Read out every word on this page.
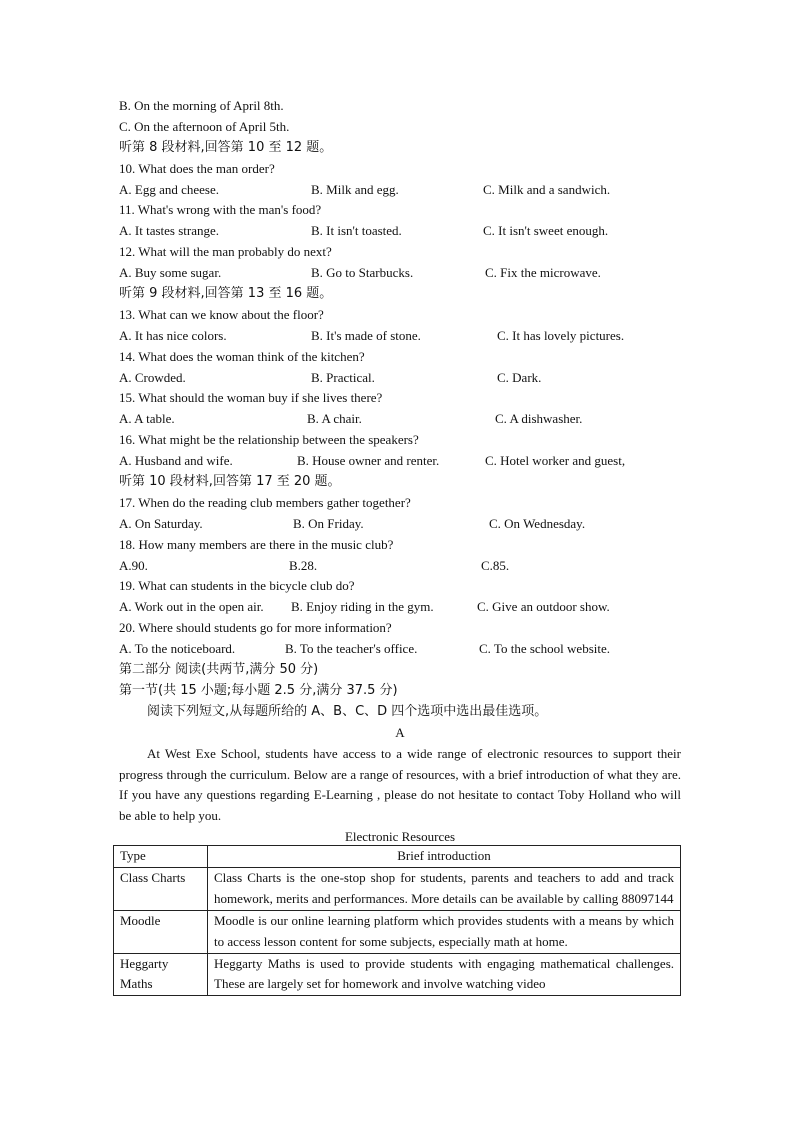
B. On the morning of April 8th.
C. On the afternoon of April 5th.
听第 8 段材料,回答第 10 至 12 题。
10. What does the man order?
A. Egg and cheese.	B. Milk and egg.	C. Milk and a sandwich.
11. What's wrong with the man's food?
A. It tastes strange.	B. It isn't toasted.	C. It isn't sweet enough.
12. What will the man probably do next?
A. Buy some sugar.	B. Go to Starbucks.	C. Fix the microwave.
听第 9 段材料,回答第 13 至 16 题。
13. What can we know about the floor?
A. It has nice colors.	B. It's made of stone.	C. It has lovely pictures.
14. What does the woman think of the kitchen?
A. Crowded.	B. Practical.	C. Dark.
15. What should the woman buy if she lives there?
A. A table.	B. A chair.	C. A dishwasher.
16. What might be the relationship between the speakers?
A. Husband and wife.	B. House owner and renter.	C. Hotel worker and guest,
听第 10 段材料,回答第 17 至 20 题。
17. When do the reading club members gather together?
A. On Saturday.	B. On Friday.	C. On Wednesday.
18. How many members are there in the music club?
A.90.	B.28.	C.85.
19. What can students in the bicycle club do?
A. Work out in the open air. B. Enjoy riding in the gym.	C. Give an outdoor show.
20. Where should students go for more information?
A. To the noticeboard.	B. To the teacher's office.	C. To the school website.
第二部分 阅读(共两节,满分 50 分)
第一节(共 15 小题;每小题 2.5 分,满分 37.5 分)
阅读下列短文,从每题所给的 A、B、C、D 四个选项中选出最佳选项。
A
At West Exe School, students have access to a wide range of electronic resources to support their progress through the curriculum. Below are a range of resources, with a brief introduction of what they are. If you have any questions regarding E-Learning , please do not hesitate to contact Toby Holland who will be able to help you.
Electronic Resources
Type	Brief introduction
Class Charts	Class Charts is the one-stop shop for students, parents and teachers to add and track homework, merits and performances. More details can be available by calling 88097144
Moodle	Moodle is our online learning platform which provides students with a means by which to access lesson content for some subjects, especially math at home.

Heggarty Maths	Heggarty Maths is used to provide students with engaging mathematical challenges. These are largely set for homework and involve watching video
